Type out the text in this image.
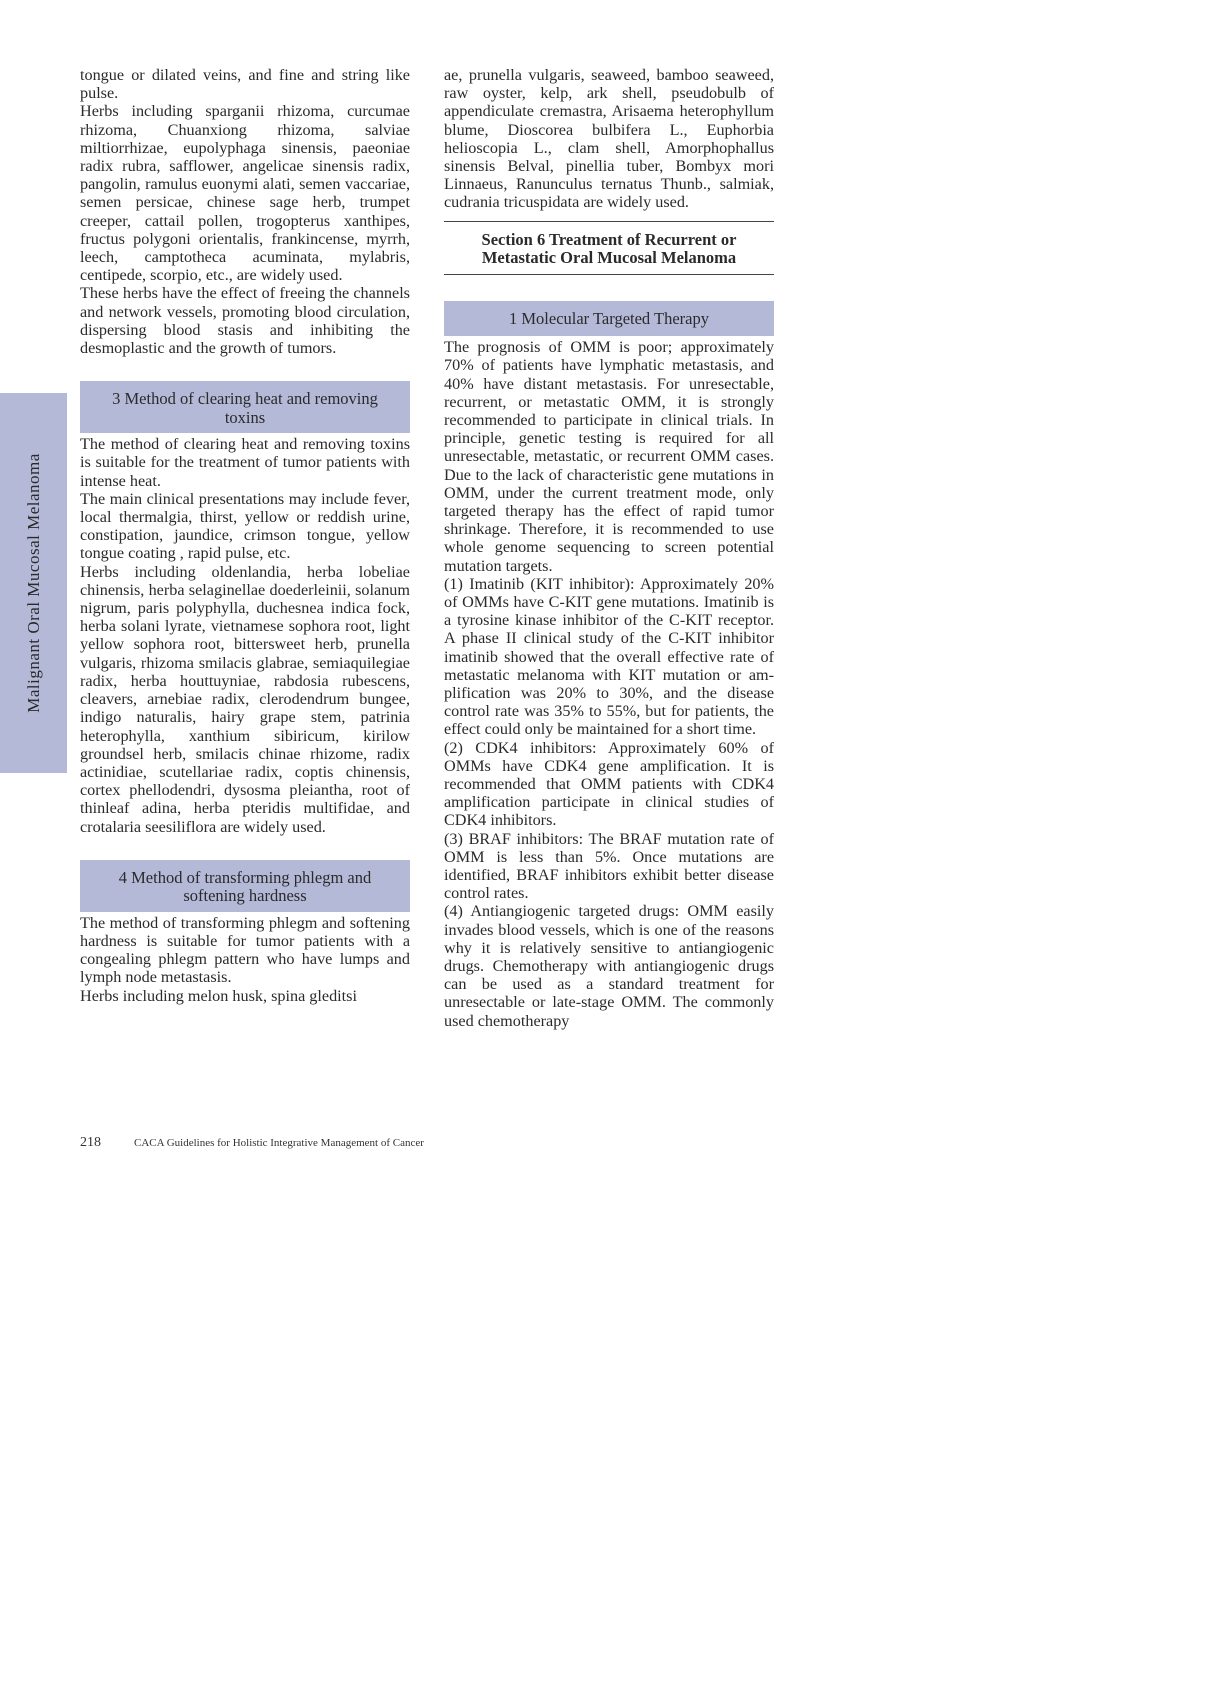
Malignant Oral Mucosal Melanoma

tongue or dilated veins, and fine and string like pulse.

Herbs including sparganii rhizoma, curcumae rhizoma, Chuanxiong rhizoma, salviae miltiorrhizae, eupolyphaga sinensis, paeoniae radix rubra, safflower, angelicae sinensis radix, pangolin, ramulus euonymi alati, semen vaccariae, semen persicae, chinese sage herb, trumpet creeper, cattail pollen, trogopterus xanthipes, fructus polygoni orientalis, frankincense, myrrh, leech, camptotheca acuminata, mylabris, centipede, scorpio, etc., are widely used.

These herbs have the effect of freeing the channels and network vessels, promoting blood circulation, dispersing blood stasis and inhibiting the desmoplastic and the growth of tumors.

3 Method of clearing heat and removing toxins

The method of clearing heat and removing toxins is suitable for the treatment of tumor patients with intense heat.

The main clinical presentations may include fever, local thermalgia, thirst, yellow or reddish urine, constipation, jaundice, crimson tongue, yellow tongue coating , rapid pulse, etc.

Herbs including oldenlandia, herba lobeliae chinensis, herba selaginellae doederleinii, solanum nigrum, paris polyphylla, duchesnea indica fock, herba solani lyrate, vietnamese sophora root, light yellow sophora root, bittersweet herb, prunella vulgaris, rhizoma smilacis glabrae, semiaquilegiae radix, herba houttuyniae, rabdosia rubescens, cleavers, arnebiae radix, clerodendrum bungee, indigo naturalis, hairy grape stem, patrinia heterophylla, xanthium sibiricum, kirilow groundsel herb, smilacis chinae rhizome, radix actinidiae, scutellariae radix, coptis chinensis, cortex phellodendri, dysosma pleiantha, root of thinleaf adina, herba pteridis multifidae, and crotalaria seesiliflora are widely used.

4 Method of transforming phlegm and softening hardness

The method of transforming phlegm and softening hardness is suitable for tumor patients with a congealing phlegm pattern who have lumps and lymph node metastasis.

Herbs including melon husk, spina gleditsi

ae, prunella vulgaris, seaweed, bamboo seaweed, raw oyster, kelp, ark shell, pseudobulb of appendiculate cremastra, Arisaema heterophyllum blume, Dioscorea bulbifera L., Euphorbia helioscopia L., clam shell, Amorphophallus sinensis Belval, pinellia tuber, Bombyx mori Linnaeus, Ranunculus ternatus Thunb., salmiak, cudrania tricuspidata are widely used.

Section 6 Treatment of Recurrent or Metastatic Oral Mucosal Melanoma
1 Molecular Targeted Therapy

The prognosis of OMM is poor; approximately 70% of patients have lymphatic metastasis, and 40% have distant metastasis. For unresectable, recurrent, or metastatic OMM, it is strongly recommended to participate in clinical trials. In principle, genetic testing is required for all unresectable, metastatic, or recurrent OMM cases. Due to the lack of characteristic gene mutations in OMM, under the current treatment mode, only targeted therapy has the effect of rapid tumor shrinkage. Therefore, it is recommended to use whole genome sequencing to screen potential mutation targets.

(1) Imatinib (KIT inhibitor): Approximately 20% of OMMs have C-KIT gene mutations. Imatinib is a tyrosine kinase inhibitor of the C-KIT receptor. A phase II clinical study of the C-KIT inhibitor imatinib showed that the overall effective rate of metastatic melanoma with KIT mutation or amplification was 20% to 30%, and the disease control rate was 35% to 55%, but for patients, the effect could only be maintained for a short time.

(2) CDK4 inhibitors: Approximately 60% of OMMs have CDK4 gene amplification. It is recommended that OMM patients with CDK4 amplification participate in clinical studies of CDK4 inhibitors.

(3) BRAF inhibitors: The BRAF mutation rate of OMM is less than 5%. Once mutations are identified, BRAF inhibitors exhibit better disease control rates.

(4) Antiangiogenic targeted drugs: OMM easily invades blood vessels, which is one of the reasons why it is relatively sensitive to antiangiogenic drugs. Chemotherapy with antiangiogenic drugs can be used as a standard treatment for unresectable or late-stage OMM. The commonly used chemotherapy

218	CACA Guidelines for Holistic Integrative Management of Cancer
